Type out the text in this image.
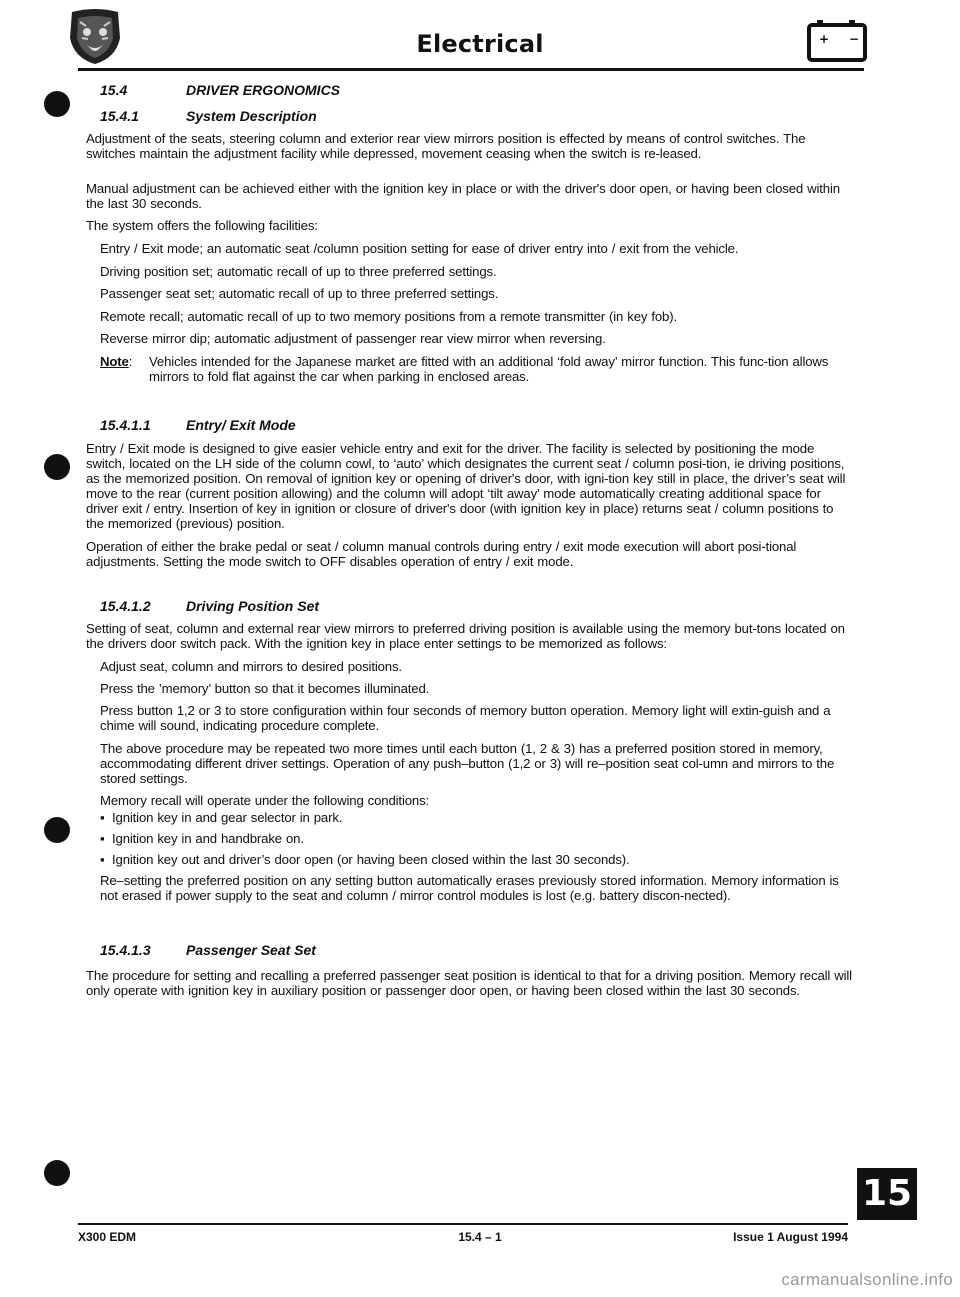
Electrical	+ −
15.4	DRIVER ERGONOMICS
15.4.1	System Description
Adjustment of the seats, steering column and exterior rear view mirrors position is effected by means of control switches. The switches maintain the adjustment facility while depressed, movement ceasing when the switch is re-leased.
Manual adjustment can be achieved either with the ignition key in place or with the driver's door open, or having been closed within the last 30 seconds.
The system offers the following facilities:
Entry / Exit mode; an automatic seat /column position setting for ease of driver entry into / exit from the vehicle.
Driving position set; automatic recall of up to three preferred settings.
Passenger seat set; automatic recall of up to three preferred settings.
Remote recall; automatic recall of up to two memory positions from a remote transmitter (in key fob).
Reverse mirror dip; automatic adjustment of passenger rear view mirror when reversing.
Note:	Vehicles intended for the Japanese market are fitted with an additional ‘fold away’ mirror function. This func-tion allows mirrors to fold flat against the car when parking in enclosed areas.
15.4.1.1	Entry/ Exit Mode
Entry / Exit mode is designed to give easier vehicle entry and exit for the driver. The facility is selected by positioning the mode switch, located on the LH side of the column cowl, to ‘auto’ which designates the current seat / column posi-tion, ie driving positions, as the memorized position. On removal of ignition key or opening of driver's door, with igni-tion key still in place, the driver’s seat will move to the rear (current position allowing) and the column will adopt ‘tilt away’ mode automatically creating additional space for driver exit / entry. Insertion of key in ignition or closure of driver's door (with ignition key in place) returns seat / column positions to the memorized (previous) position.
Operation of either the brake pedal or seat / column manual controls during entry / exit mode execution will abort posi-tional adjustments. Setting the mode switch to OFF disables operation of entry / exit mode.
15.4.1.2	Driving Position Set
Setting of seat, column and external rear view mirrors to preferred driving position is available using the memory but-tons located on the drivers door switch pack. With the ignition key in place enter settings to be memorized as follows:
Adjust seat, column and mirrors to desired positions.
Press the ’memory’ button so that it becomes illuminated.
Press button 1,2 or 3 to store configuration within four seconds of memory button operation. Memory light will extin-guish and a chime will sound, indicating procedure complete.
The above procedure may be repeated two more times until each button (1, 2 & 3) has a preferred position stored in memory, accommodating different driver settings. Operation of any push–button (1,2 or 3) will re–position seat col-umn and mirrors to the stored settings.
Memory recall will operate under the following conditions:
▪ Ignition key in and gear selector in park.
▪ Ignition key in and handbrake on.
▪ Ignition key out and driver’s door open (or having been closed within the last 30 seconds).
Re–setting the preferred position on any setting button automatically erases previously stored information. Memory information is not erased if power supply to the seat and column / mirror control modules is lost (e.g. battery discon-nected).
15.4.1.3	Passenger Seat Set
The procedure for setting and recalling a preferred passenger seat position is identical to that for a driving position. Memory recall will only operate with ignition key in auxiliary position or passenger door open, or having been closed within the last 30 seconds.
15
X300 EDM	15.4 – 1	Issue 1 August 1994
carmanualsonline.info
